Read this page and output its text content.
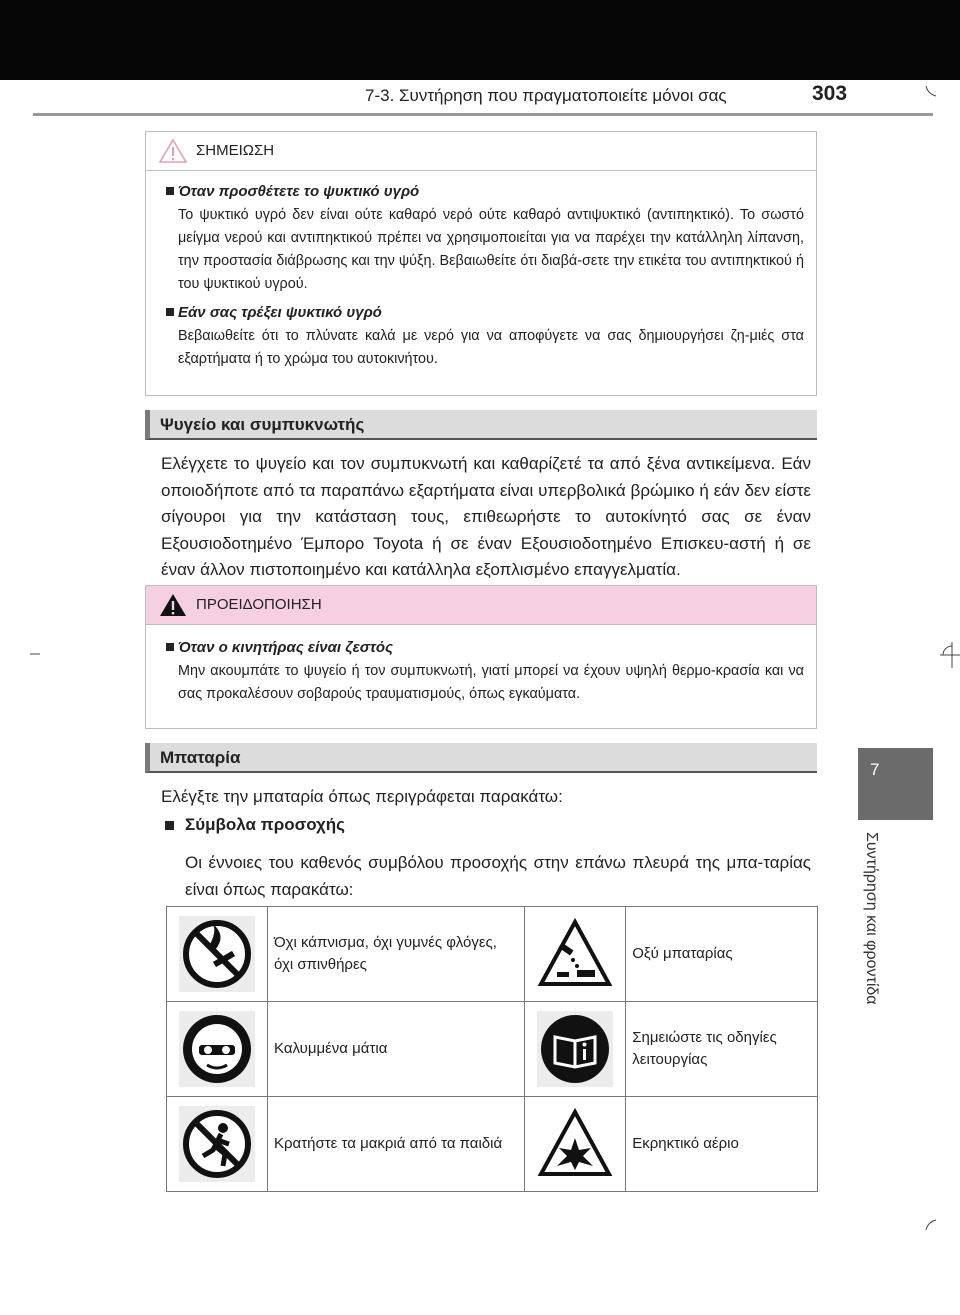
7-3. Συντήρηση που πραγματοποιείτε μόνοι σας	303
7
Συντήρηση και φροντίδα
ΣΗΜΕΙΩΣΗ
Όταν προσθέτετε το ψυκτικό υγρό

Το ψυκτικό υγρό δεν είναι ούτε καθαρό νερό ούτε καθαρό αντιψυκτικό (αντιπηκτικό). Το σωστό μείγμα νερού και αντιπηκτικού πρέπει να χρησιμοποιείται για να παρέχει την κατάλληλη λίπανση, την προστασία διάβρωσης και την ψύξη. Βεβαιωθείτε ότι διαβά-σετε την ετικέτα του αντιπηκτικού ή του ψυκτικού υγρού.

Εάν σας τρέξει ψυκτικό υγρό

Βεβαιωθείτε ότι το πλύνατε καλά με νερό για να αποφύγετε να σας δημιουργήσει ζη-μιές στα εξαρτήματα ή το χρώμα του αυτοκινήτου.

Ψυγείο και συμπυκνωτής

Ελέγχετε το ψυγείο και τον συμπυκνωτή και καθαρίζετέ τα από ξένα αντικείμενα. Εάν οποιοδήποτε από τα παραπάνω εξαρτήματα είναι υπερβολικά βρώμικο ή εάν δεν είστε σίγουροι για την κατάσταση τους, επιθεωρήστε το αυτοκίνητό σας σε έναν Εξουσιοδοτημένο Έμπορο Toyota ή σε έναν Εξουσιοδοτημένο Επισκευ-αστή ή σε έναν άλλον πιστοποιημένο και κατάλληλα εξοπλισμένο επαγγελματία.

ΠΡΟΕΙΔΟΠΟΙΗΣΗ
Όταν ο κινητήρας είναι ζεστός

Μην ακουμπάτε το ψυγείο ή τον συμπυκνωτή, γιατί μπορεί να έχουν υψηλή θερμο-κρασία και να σας προκαλέσουν σοβαρούς τραυματισμούς, όπως εγκαύματα.

Μπαταρία

Ελέγξτε την μπαταρία όπως περιγράφεται παρακάτω:

Σύμβολα προσοχής

Οι έννοιες του καθενός συμβόλου προσοχής στην επάνω πλευρά της μπα-ταρίας είναι όπως παρακάτω:

	Όχι κάπνισμα, όχι γυμνές φλόγες, όχι σπινθήρες		Οξύ μπαταρίας
	Καλυμμένα μάτια		Σημειώστε τις οδηγίες λειτουργίας
	Κρατήστε τα μακριά από τα παιδιά		Εκρηκτικό αέριο
